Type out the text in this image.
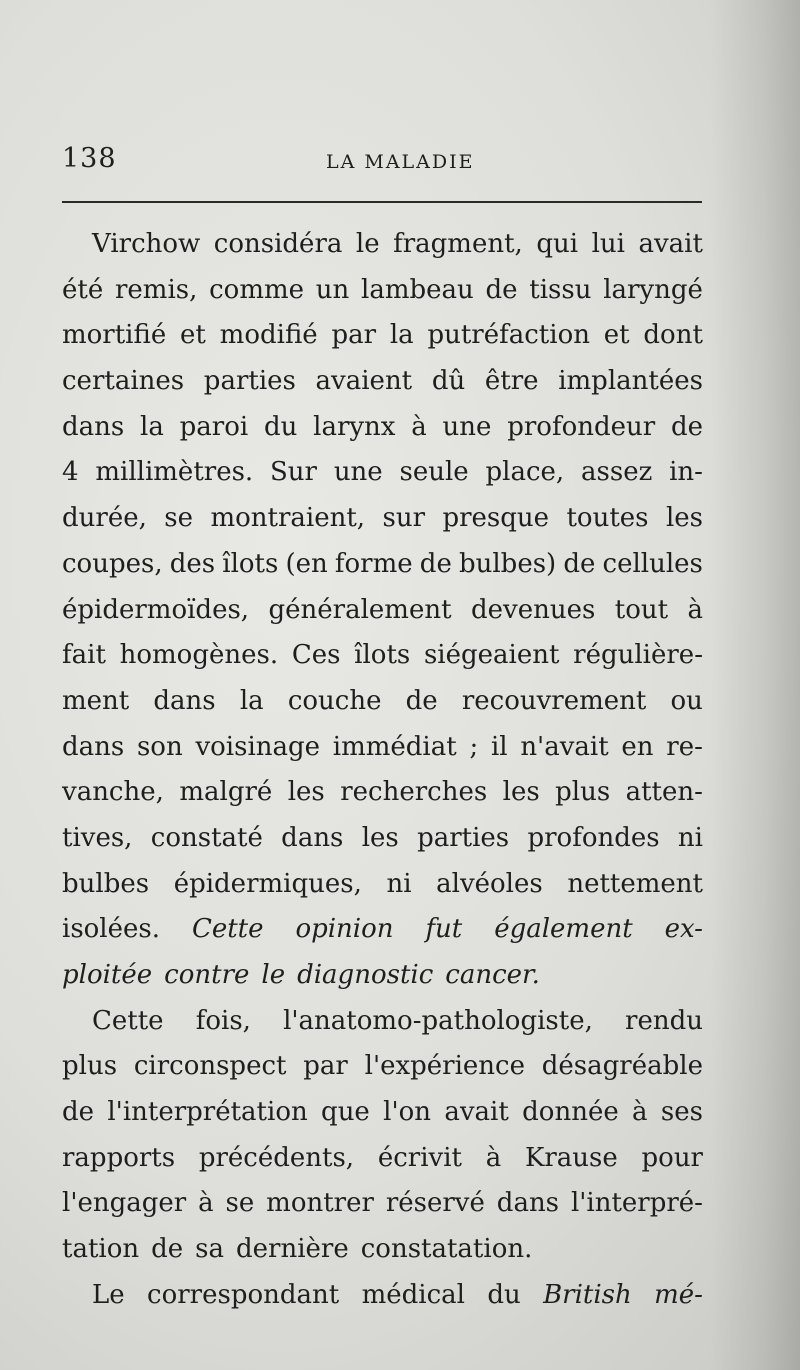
138	LA MALADIE
Virchow considéra le fragment, qui lui avait
été remis, comme un lambeau de tissu laryngé
mortifié et modifié par la putréfaction et dont
certaines parties avaient dû être implantées
dans la paroi du larynx à une profondeur de
4 millimètres. Sur une seule place, assez in-
durée, se montraient, sur presque toutes les
coupes, des îlots (en forme de bulbes) de cellules
épidermoïdes, généralement devenues tout à
fait homogènes. Ces îlots siégeaient régulière-
ment dans la couche de recouvrement ou
dans son voisinage immédiat ; il n'avait en re-
vanche, malgré les recherches les plus atten-
tives, constaté dans les parties profondes ni
bulbes épidermiques, ni alvéoles nettement
isolées. Cette opinion fut également ex-
ploitée contre le diagnostic cancer.
Cette fois, l'anatomo-pathologiste, rendu
plus circonspect par l'expérience désagréable
de l'interprétation que l'on avait donnée à ses
rapports précédents, écrivit à Krause pour
l'engager à se montrer réservé dans l'interpré-
tation de sa dernière constatation.
Le correspondant médical du British mé-
